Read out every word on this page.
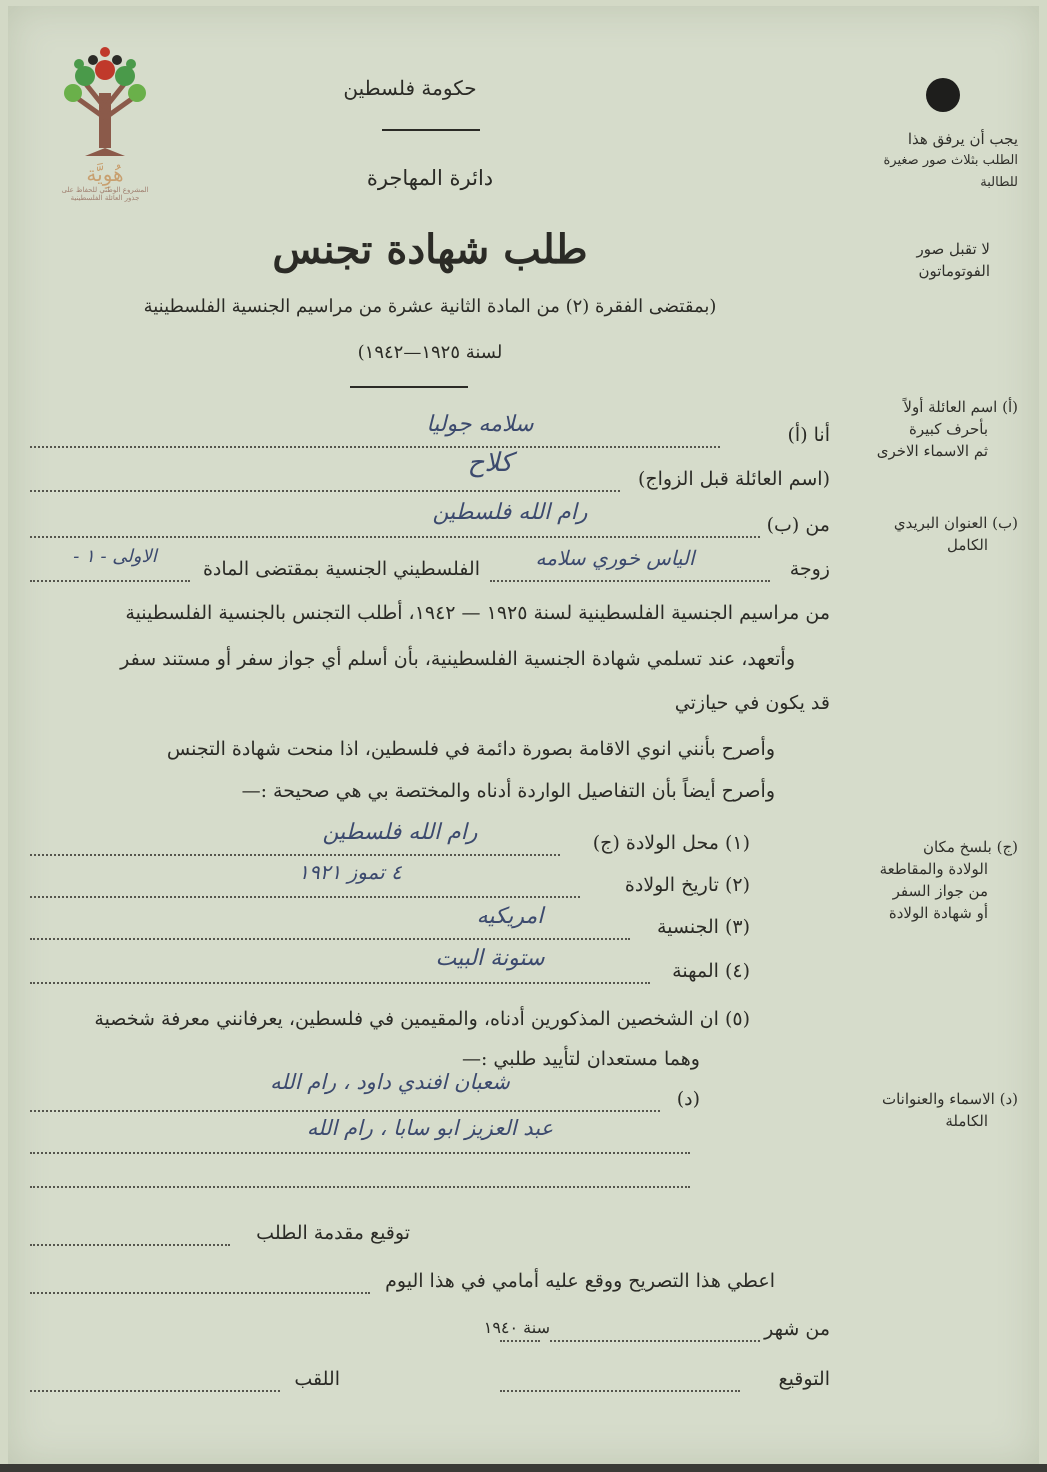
هُوِيَّة
المشروع الوطني للحفاظ على
جذور العائلة الفلسطينية
حكومة فلسطين
دائرة المهاجرة
طلب شهادة تجنس
(بمقتضى الفقرة (٢) من المادة الثانية عشرة من مراسيم الجنسية الفلسطينية
لسنة ١٩٢٥—١٩٤٢)
يجب أن يرفق هذا
الطلب بثلاث صور صغيرة
للطالبة
لا تقبل صور
الفوتوماتون
(أ) اسم العائلة أولاً
بأحرف كبيرة
ثم الاسماء الاخرى
(ب) العنوان البريدي
الكامل
(ج) بلسخ مكان
الولادة والمقاطعة
من جواز السفر
أو شهادة الولادة
(د) الاسماء والعنوانات
الكاملة
أنا (أ)
سلامه جوليا
(اسم العائلة قبل الزواج)
كلاح
من (ب)
رام الله فلسطين
زوجة
الياس خوري سلامه
الفلسطيني الجنسية بمقتضى المادة
الاولى - ١ -
من مراسيم الجنسية الفلسطينية لسنة ١٩٢٥ — ١٩٤٢، أطلب التجنس بالجنسية الفلسطينية
وأتعهد، عند تسلمي شهادة الجنسية الفلسطينية، بأن أسلم أي جواز سفر أو مستند سفر
قد يكون في حيازتي
وأصرح بأنني انوي الاقامة بصورة دائمة في فلسطين، اذا منحت شهادة التجنس
وأصرح أيضاً بأن التفاصيل الواردة أدناه والمختصة بي هي صحيحة :—
(١) محل الولادة (ج)
رام الله فلسطين
(٢) تاريخ الولادة
٤ تموز ١٩٢١
(٣) الجنسية
امريكيه
(٤) المهنة
ستونة البيت
(٥) ان الشخصين المذكورين أدناه، والمقيمين في فلسطين، يعرفانني معرفة شخصية
وهما مستعدان لتأييد طلبي :—
(د)
شعبان افندي داود ، رام الله
عبد العزيز ابو سابا ، رام الله
توقيع مقدمة الطلب
اعطي هذا التصريح ووقع عليه أمامي في هذا اليوم
من شهر
سنة ١٩٤٠
التوقيع
اللقب
